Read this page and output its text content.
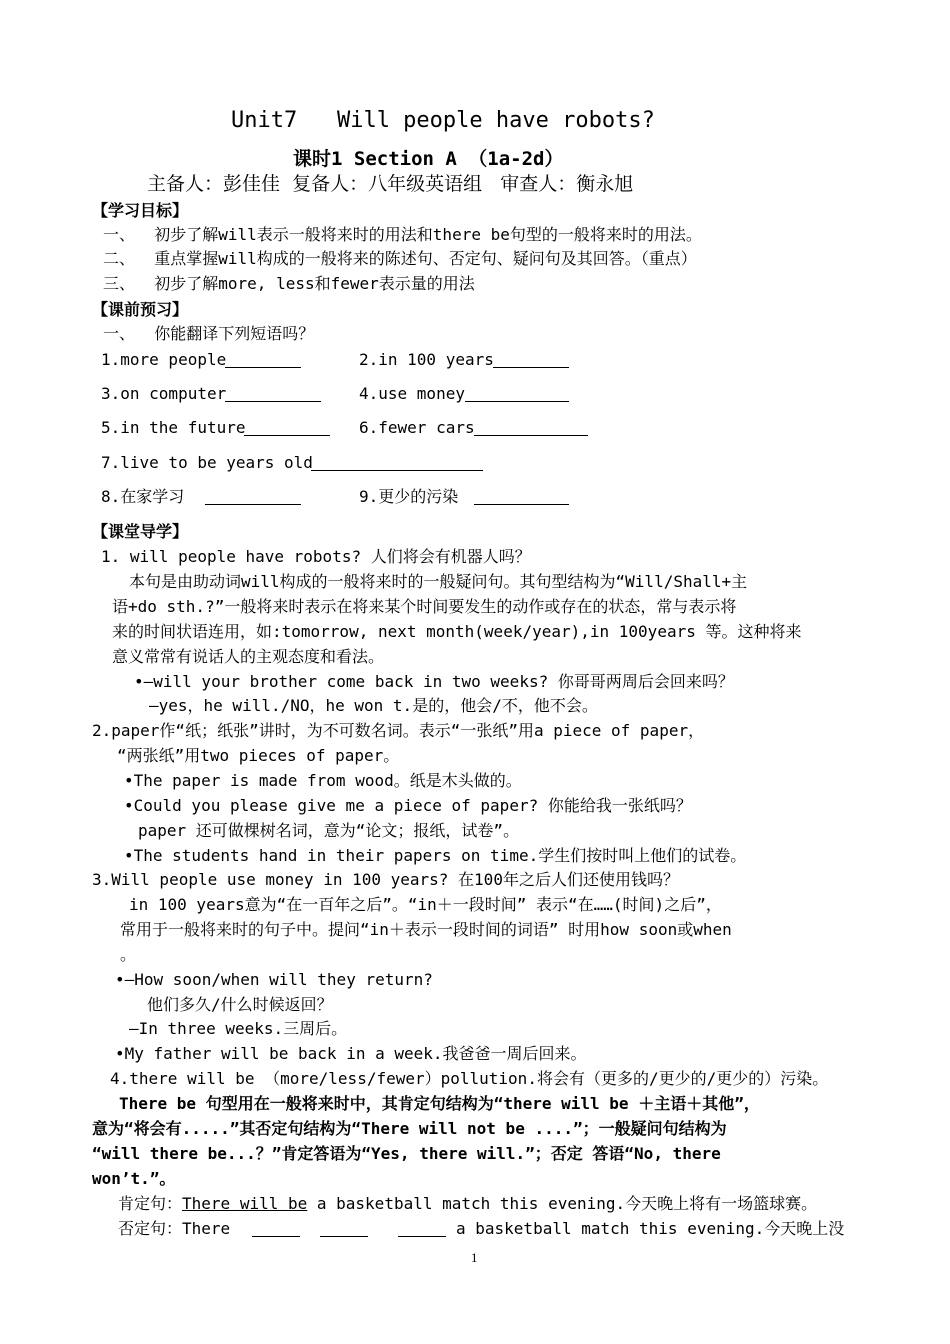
Unit7   Will people have robots?
课时1 Section A （1a-2d）
主备人：彭佳佳  复备人：八年级英语组   审查人：衡永旭
【学习目标】
一、  初步了解will表示一般将来时的用法和there be句型的一般将来时的用法。
二、  重点掌握will构成的一般将来的陈述句、否定句、疑问句及其回答。（重点）
三、  初步了解more, less和fewer表示量的用法
【课前预习】
一、  你能翻译下列短语吗？
1.more people	2.in 100 years
3.on computer	4.use money
5.in the future	6.fewer cars
7.live to be years old
8.在家学习	9.更少的污染
【课堂导学】
1. will people have robots? 人们将会有机器人吗？
本句是由助动词will构成的一般将来时的一般疑问句。其句型结构为“Will/Shall+主
语+do sth.?”一般将来时表示在将来某个时间要发生的动作或存在的状态，常与表示将
来的时间状语连用，如:tomorrow, next month(week/year),in 100years 等。这种将来
意义常常有说话人的主观态度和看法。
•—will your brother come back in two weeks? 你哥哥两周后会回来吗？
—yes，he will./NO，he won t.是的，他会/不，他不会。
2.paper作“纸；纸张”讲时，为不可数名词。表示“一张纸”用a piece of paper，
“两张纸”用two pieces of paper。
•The paper is made from wood。纸是木头做的。
•Could you please give me a piece of paper? 你能给我一张纸吗？
paper 还可做棵树名词，意为“论文；报纸，试卷”。
•The students hand in their papers on time.学生们按时叫上他们的试卷。
3.Will people use money in 100 years? 在100年之后人们还使用钱吗？
in 100 years意为“在一百年之后”。“in＋一段时间” 表示“在……(时间)之后”，
常用于一般将来时的句子中。提问“in＋表示一段时间的词语” 时用how soon或when
。
•—How soon/when will they return?
他们多久/什么时候返回？
—In three weeks.三周后。
•My father will be back in a week.我爸爸一周后回来。
4.there will be （more/less/fewer）pollution.将会有（更多的/更少的/更少的）污染。
There be 句型用在一般将来时中，其肯定句结构为“there will be ＋主语＋其他”，
意为“将会有.....”其否定句结构为“There will not be ....”；一般疑问句结构为
“will there be...？”肯定答语为“Yes, there will.”；否定 答语“No, there
won’t.”。
肯定句：There will be a basketball match this evening.今天晚上将有一场篮球赛。
否定句：There	a basketball match this evening.今天晚上没
1
